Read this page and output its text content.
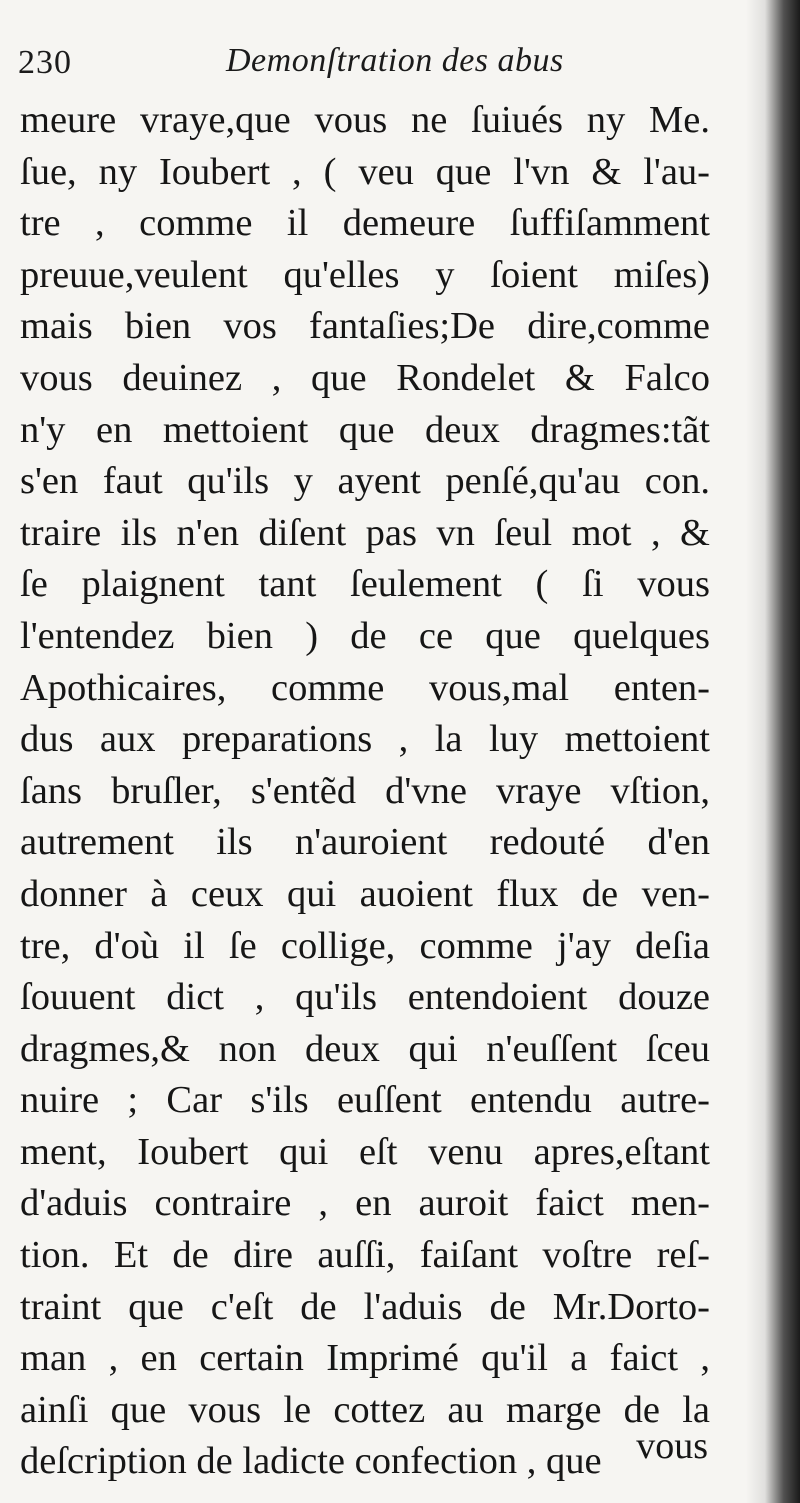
230	Demonſtration des abus
meure vraye,que vous ne ſuiués ny Me.
ſue, ny Ioubert , ( veu que l'vn & l'au-
tre , comme il demeure ſuffiſamment
preuue,veulent qu'elles y ſoient miſes)
mais bien vos fantaſies;De dire,comme
vous deuinez , que Rondelet & Falco
n'y en mettoient que deux dragmes:tãt
s'en faut qu'ils y ayent penſé,qu'au con.
traire ils n'en diſent pas vn ſeul mot , &
ſe plaignent tant ſeulement ( ſi vous
l'entendez bien ) de ce que quelques
Apothicaires, comme vous,mal enten-
dus aux preparations , la luy mettoient
ſans bruſler, s'entẽd d'vne vraye vſtion,
autrement ils n'auroient redouté d'en
donner à ceux qui auoient flux de ven-
tre, d'où il ſe collige, comme j'ay deſia
ſouuent dict , qu'ils entendoient douze
dragmes,& non deux qui n'euſſent ſceu
nuire ; Car s'ils euſſent entendu autre-
ment, Ioubert qui eſt venu apres,eſtant
d'aduis contraire , en auroit faict men-
tion. Et de dire auſſi, faiſant voſtre reſ-
traint que c'eſt de l'aduis de Mr.Dorto-
man , en certain Imprimé qu'il a faict ,
ainſi que vous le cottez au marge de la
deſcription de ladicte confection , que vous
